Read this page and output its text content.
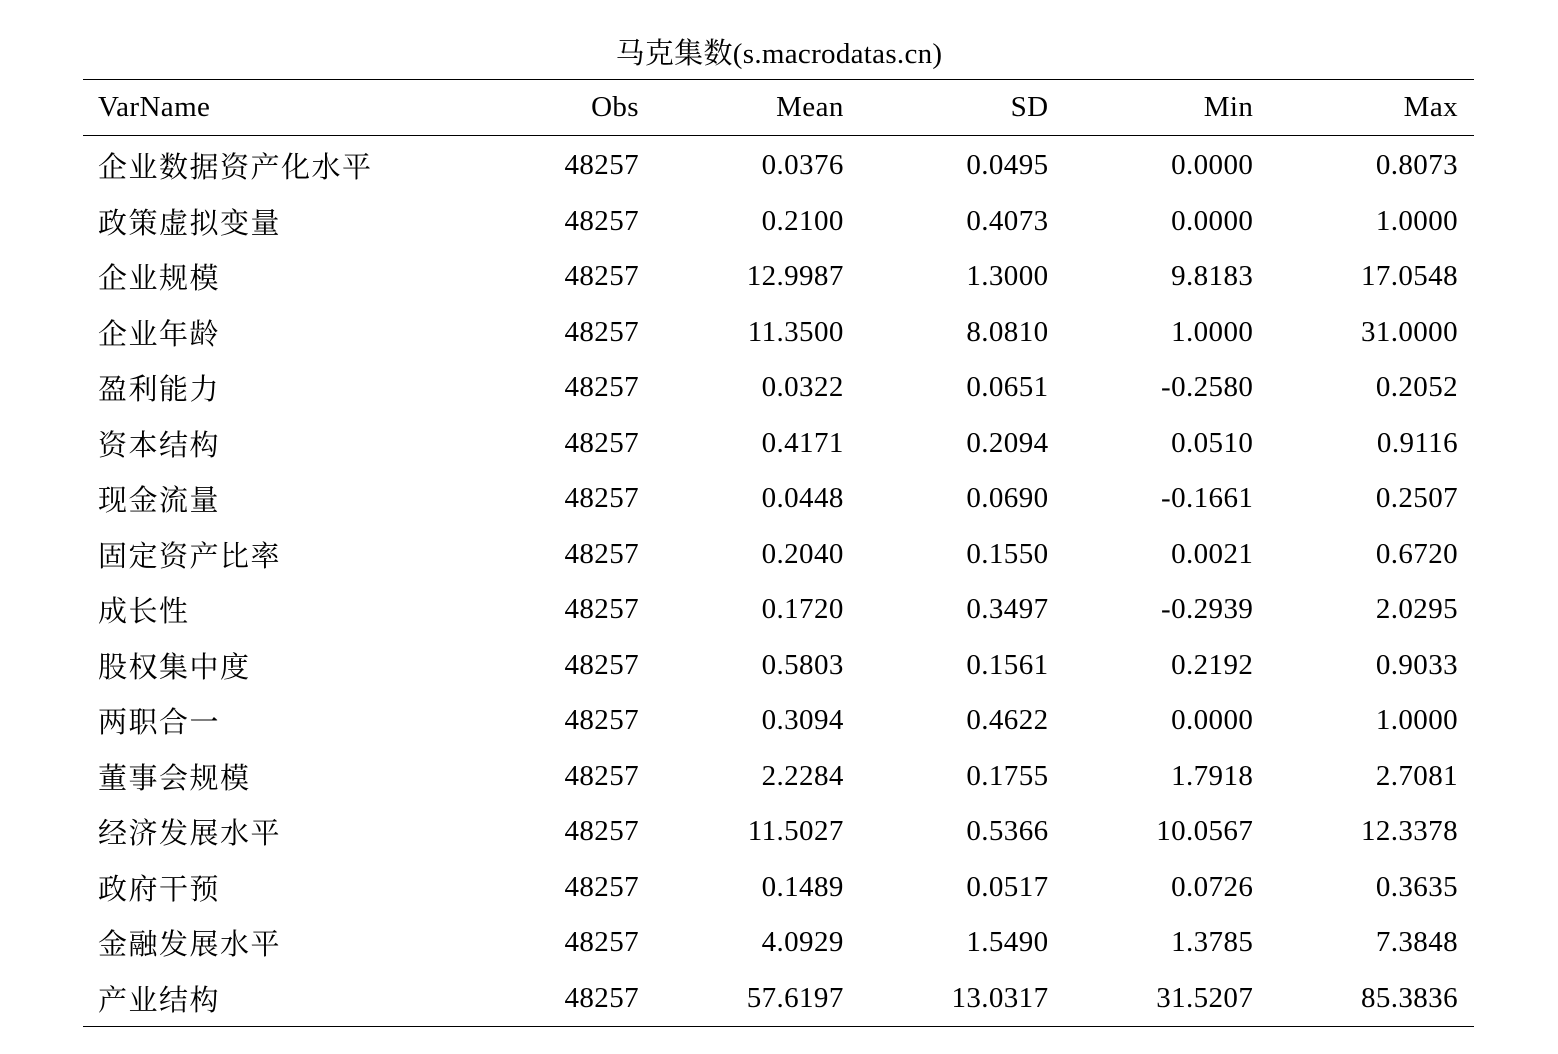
马克集数(s.macrodatas.cn)
VarName	Obs	Mean	SD	Min	Max
企业数据资产化水平	48257	0.0376	0.0495	0.0000	0.8073
政策虚拟变量	48257	0.2100	0.4073	0.0000	1.0000
企业规模	48257	12.9987	1.3000	9.8183	17.0548
企业年龄	48257	11.3500	8.0810	1.0000	31.0000
盈利能力	48257	0.0322	0.0651	-0.2580	0.2052
资本结构	48257	0.4171	0.2094	0.0510	0.9116
现金流量	48257	0.0448	0.0690	-0.1661	0.2507
固定资产比率	48257	0.2040	0.1550	0.0021	0.6720
成长性	48257	0.1720	0.3497	-0.2939	2.0295
股权集中度	48257	0.5803	0.1561	0.2192	0.9033
两职合一	48257	0.3094	0.4622	0.0000	1.0000
董事会规模	48257	2.2284	0.1755	1.7918	2.7081
经济发展水平	48257	11.5027	0.5366	10.0567	12.3378
政府干预	48257	0.1489	0.0517	0.0726	0.3635
金融发展水平	48257	4.0929	1.5490	1.3785	7.3848
产业结构	48257	57.6197	13.0317	31.5207	85.3836
